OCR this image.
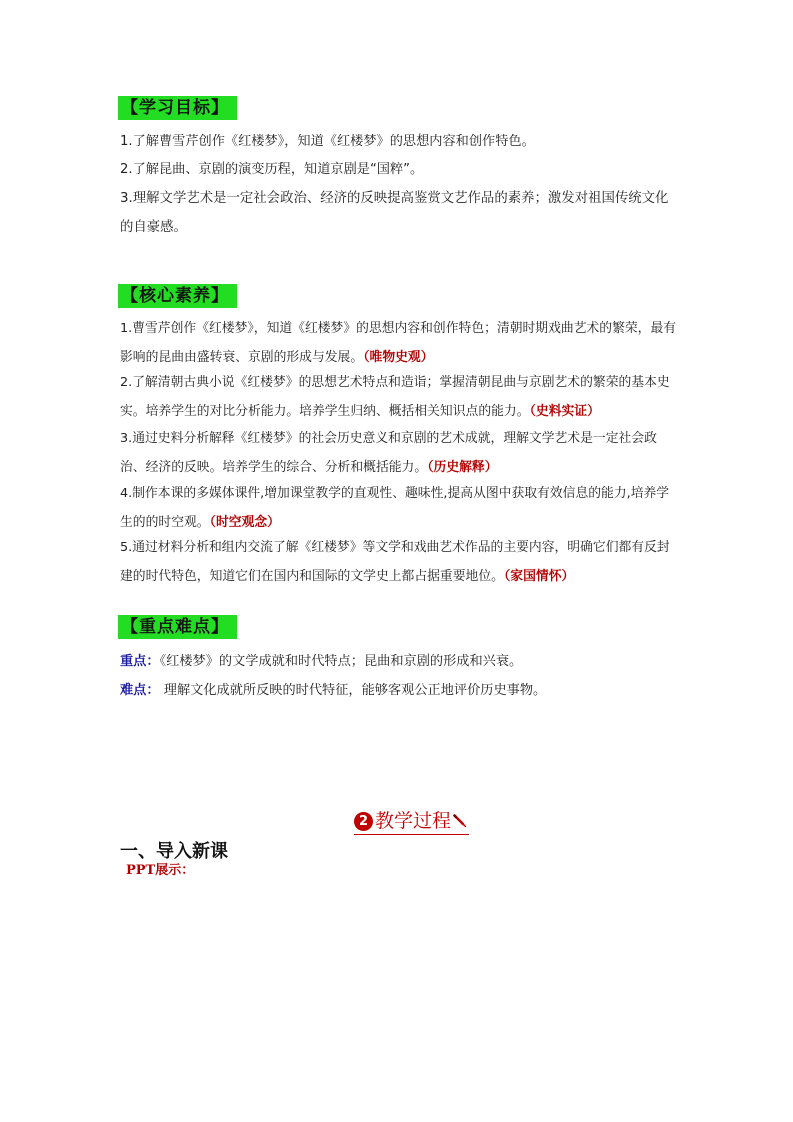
【学习目标】
1.了解曹雪芹创作《红楼梦》，知道《红楼梦》的思想内容和创作特色。
2.了解昆曲、京剧的演变历程，知道京剧是“国粹”。
3.理解文学艺术是一定社会政治、经济的反映提高鉴赏文艺作品的素养；激发对祖国传统文化的自豪感。
【核心素养】
1.曹雪芹创作《红楼梦》，知道《红楼梦》的思想内容和创作特色；清朝时期戏曲艺术的繁荣，最有影响的昆曲由盛转衰、京剧的形成与发展。（唯物史观）
2.了解清朝古典小说《红楼梦》的思想艺术特点和造诣；掌握清朝昆曲与京剧艺术的繁荣的基本史实。培养学生的对比分析能力。培养学生归纳、概括相关知识点的能力。（史料实证）
3.通过史料分析解释《红楼梦》的社会历史意义和京剧的艺术成就，理解文学艺术是一定社会政治、经济的反映。培养学生的综合、分析和概括能力。（历史解释）
4.制作本课的多媒体课件,增加课堂教学的直观性、趣味性,提高从图中获取有效信息的能力,培养学生的的时空观。（时空观念）
5.通过材料分析和组内交流了解《红楼梦》等文学和戏曲艺术作品的主要内容，明确它们都有反封建的时代特色，知道它们在国内和国际的文学史上都占据重要地位。（家国情怀）
【重点难点】
重点：《红楼梦》的文学成就和时代特点；昆曲和京剧的形成和兴衰。
难点： 理解文化成就所反映的时代特征，能够客观公正地评价历史事物。
2 教学过程
一、导入新课
PPT展示：
